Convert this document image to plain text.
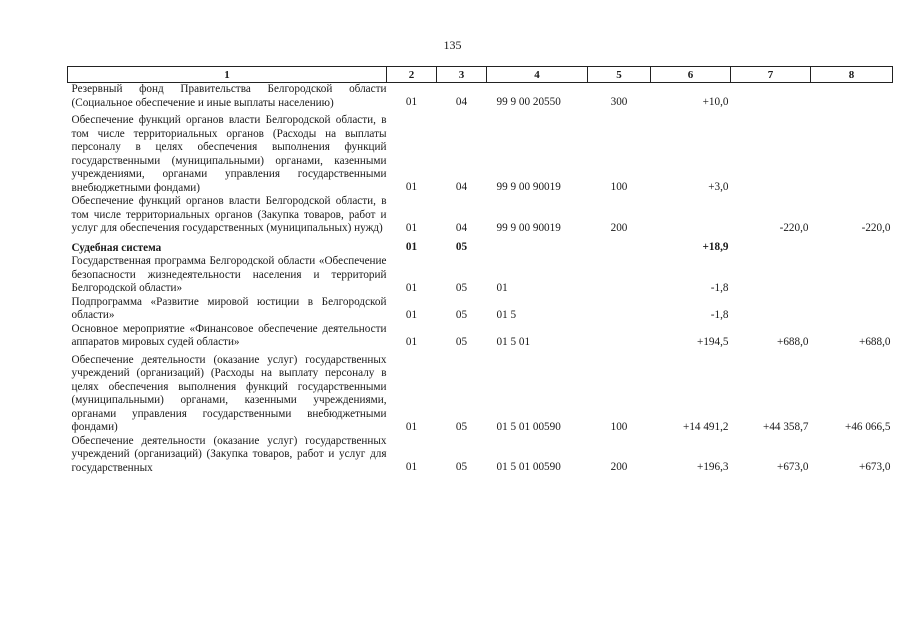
135
1	2	3	4	5	6	7	8
Резервный фонд Правительства Белгородской области (Социальное обеспечение и иные выплаты населению)	01	04	99 9 00 20550	300	+10,0		
Обеспечение функций органов власти Белгородской области, в том числе территориальных органов (Расходы на выплаты персоналу в целях обеспечения выполнения функций государственными (муниципальными) органами, казенными учреждениями, органами управления государственными внебюджетными фондами)	01	04	99 9 00 90019	100	+3,0		
Обеспечение функций органов власти Белгородской области, в том числе территориальных органов (Закупка товаров, работ и услуг для обеспечения государственных (муниципальных) нужд)	01	04	99 9 00 90019	200		-220,0	-220,0
Судебная система	01	05			+18,9		
Государственная программа Белгородской области «Обеспечение безопасности жизнедеятельности населения и территорий Белгородской области»	01	05	01		-1,8		
Подпрограмма «Развитие мировой юстиции в Белгородской области»	01	05	01 5		-1,8		
Основное мероприятие «Финансовое обеспечение деятельности аппаратов мировых судей области»	01	05	01 5 01		+194,5	+688,0	+688,0
Обеспечение деятельности (оказание услуг) государственных учреждений (организаций) (Расходы на выплату персоналу в целях обеспечения выполнения функций государственными (муниципальными) органами, казенными учреждениями, органами управления государственными внебюджетными фондами)	01	05	01 5 01 00590	100	+14 491,2	+44 358,7	+46 066,5
Обеспечение деятельности (оказание услуг) государственных учреждений (организаций) (Закупка товаров, работ и услуг для государственных	01	05	01 5 01 00590	200	+196,3	+673,0	+673,0
